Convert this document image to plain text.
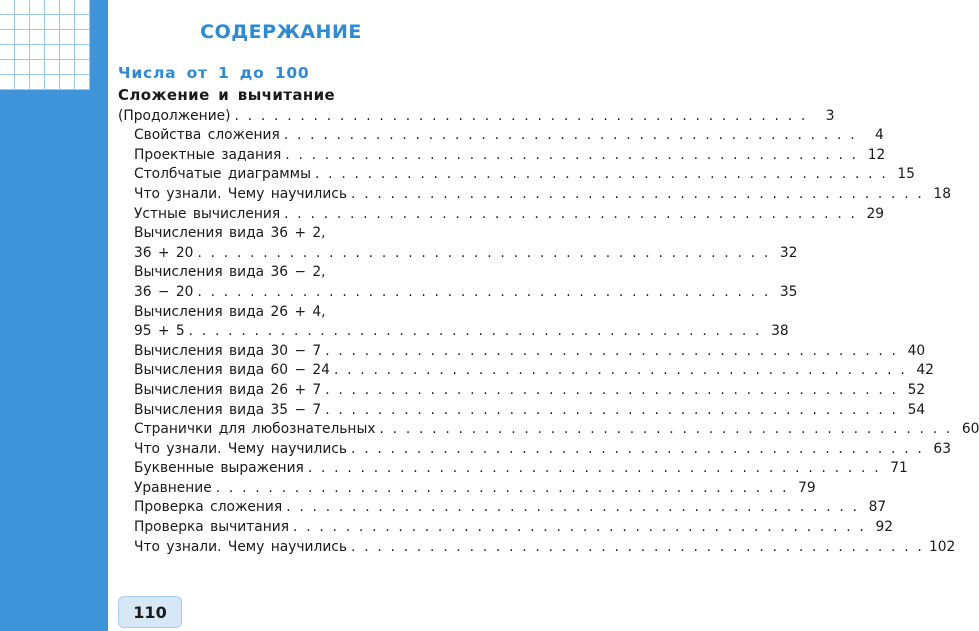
СОДЕРЖАНИЕ
Числа от 1 до 100
Сложение и вычитание
(Продолжение) . . . . . . . . . . . . . . . . . . . . . . . . . . . . . . . . . . . . . . . . . . . .	3
Свойства сложения . . . . . . . . . . . . . . . . . . . . . . . . . . . . . . . . . . . . . . . . . . . .	4
Проектные задания . . . . . . . . . . . . . . . . . . . . . . . . . . . . . . . . . . . . . . . . . . . . 12
Столбчатые диаграммы . . . . . . . . . . . . . . . . . . . . . . . . . . . . . . . . . . . . . . . . . . . . 15
Что узнали. Чему научились . . . . . . . . . . . . . . . . . . . . . . . . . . . . . . . . . . . . . . . . . . . . 18
Устные вычисления . . . . . . . . . . . . . . . . . . . . . . . . . . . . . . . . . . . . . . . . . . . . 29
Вычисления вида 36 + 2,
36 + 20 . . . . . . . . . . . . . . . . . . . . . . . . . . . . . . . . . . . . . . . . . . . . 32
Вычисления вида 36 − 2,
36 − 20 . . . . . . . . . . . . . . . . . . . . . . . . . . . . . . . . . . . . . . . . . . . . 35
Вычисления вида 26 + 4,
95 + 5 . . . . . . . . . . . . . . . . . . . . . . . . . . . . . . . . . . . . . . . . . . . . 38
Вычисления вида 30 − 7 . . . . . . . . . . . . . . . . . . . . . . . . . . . . . . . . . . . . . . . . . . . . 40
Вычисления вида 60 − 24 . . . . . . . . . . . . . . . . . . . . . . . . . . . . . . . . . . . . . . . . . . . . 42
Вычисления вида 26 + 7 . . . . . . . . . . . . . . . . . . . . . . . . . . . . . . . . . . . . . . . . . . . . 52
Вычисления вида 35 − 7 . . . . . . . . . . . . . . . . . . . . . . . . . . . . . . . . . . . . . . . . . . . . 54
Странички для любознательных . . . . . . . . . . . . . . . . . . . . . . . . . . . . . . . . . . . . . . . . . . . . 60
Что узнали. Чему научились . . . . . . . . . . . . . . . . . . . . . . . . . . . . . . . . . . . . . . . . . . . . 63
Буквенные выражения . . . . . . . . . . . . . . . . . . . . . . . . . . . . . . . . . . . . . . . . . . . . 71
Уравнение . . . . . . . . . . . . . . . . . . . . . . . . . . . . . . . . . . . . . . . . . . . . 79
Проверка сложения . . . . . . . . . . . . . . . . . . . . . . . . . . . . . . . . . . . . . . . . . . . . 87
Проверка вычитания . . . . . . . . . . . . . . . . . . . . . . . . . . . . . . . . . . . . . . . . . . . . 92
Что узнали. Чему научились . . . . . . . . . . . . . . . . . . . . . . . . . . . . . . . . . . . . . . . . . . . . 102
110
